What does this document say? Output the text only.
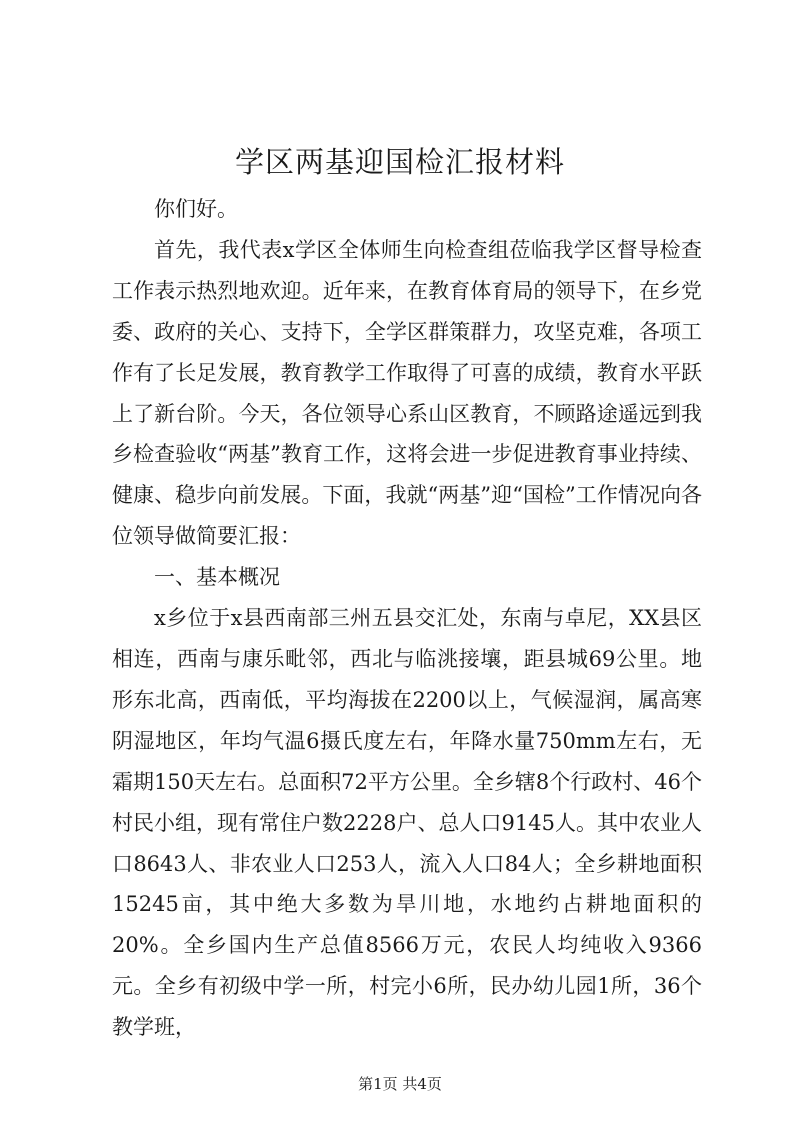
学区两基迎国检汇报材料

你们好。

首先，我代表x学区全体师生向检查组莅临我学区督导检查工作表示热烈地欢迎。近年来，在教育体育局的领导下，在乡党委、政府的关心、支持下，全学区群策群力，攻坚克难，各项工作有了长足发展，教育教学工作取得了可喜的成绩，教育水平跃上了新台阶。今天，各位领导心系山区教育，不顾路途遥远到我乡检查验收“两基”教育工作，这将会进一步促进教育事业持续、健康、稳步向前发展。下面，我就“两基”迎“国检”工作情况向各位领导做简要汇报：

一、基本概况

x乡位于x县西南部三州五县交汇处，东南与卓尼，XX县区相连，西南与康乐毗邻，西北与临洮接壤，距县城69公里。地形东北高，西南低，平均海拔在2200以上，气候湿润，属高寒阴湿地区，年均气温6摄氏度左右，年降水量750mm左右，无霜期150天左右。总面积72平方公里。全乡辖8个行政村、46个村民小组，现有常住户数2228户、总人口9145人。其中农业人口8643人、非农业人口253人，流入人口84人；全乡耕地面积15245亩，其中绝大多数为旱川地，水地约占耕地面积的20%。全乡国内生产总值8566万元，农民人均纯收入9366元。全乡有初级中学一所，村完小6所，民办幼儿园1所，36个教学班，

第1页 共4页
